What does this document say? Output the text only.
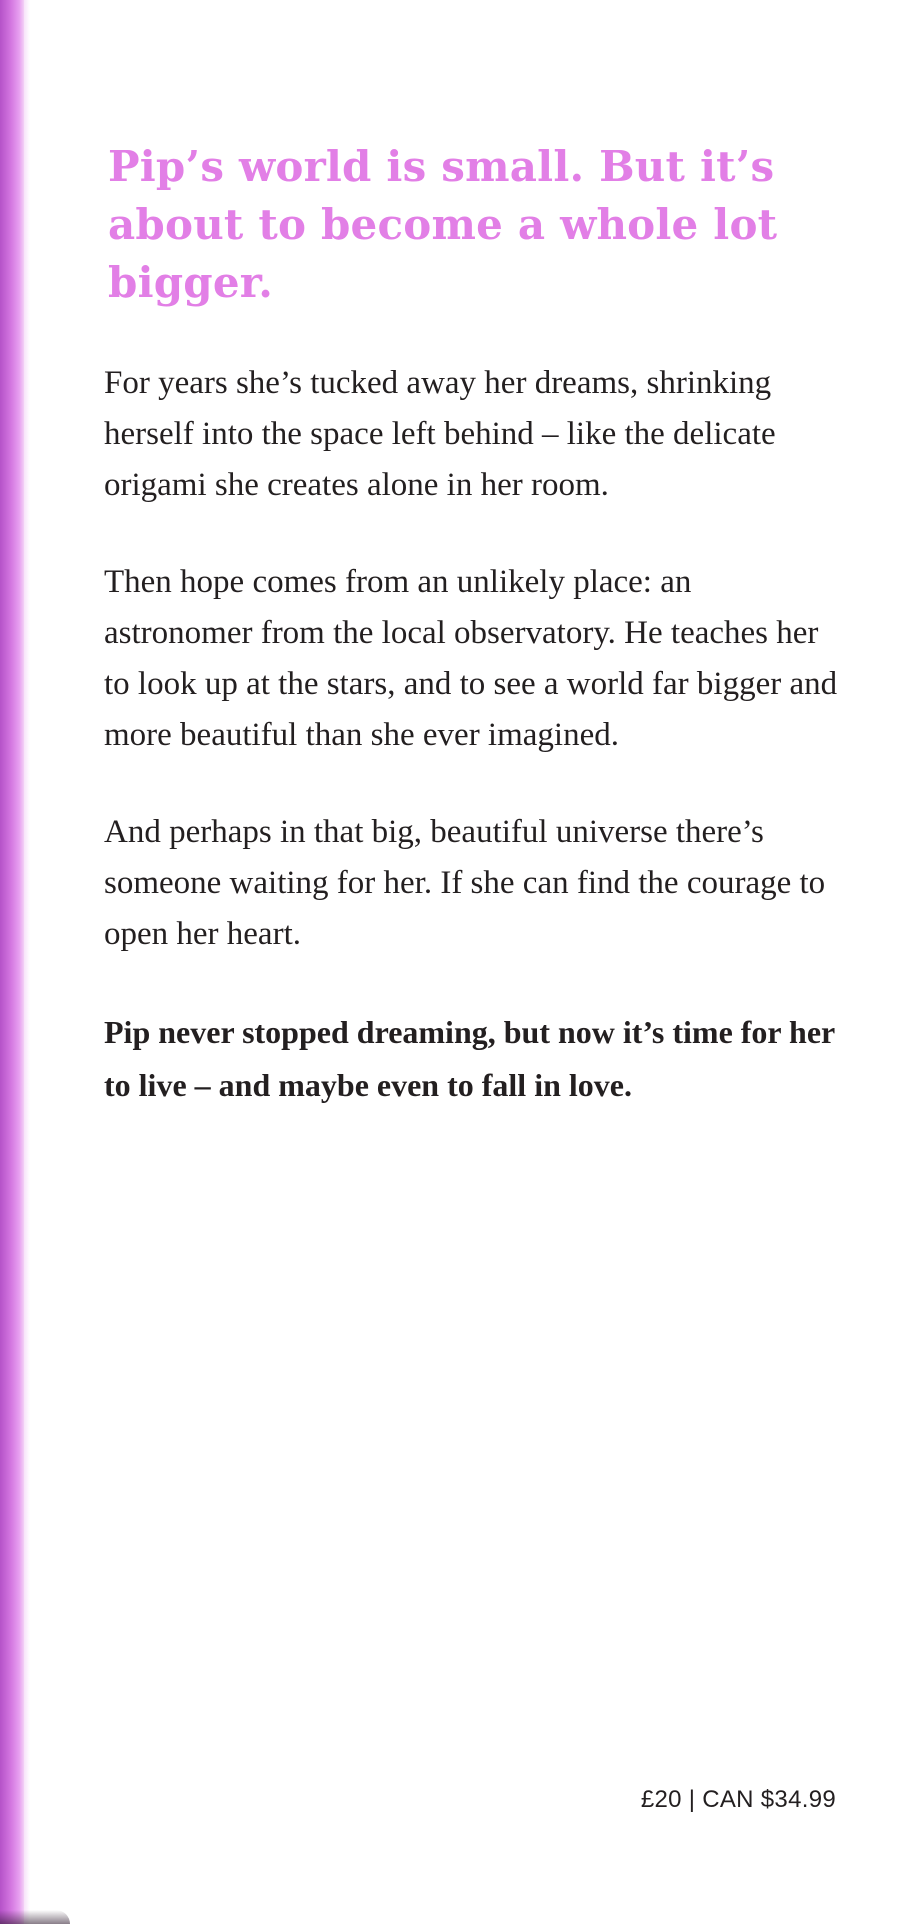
Pip’s world is small. But it’s about to become a whole lot bigger.

For years she’s tucked away her dreams, shrinking herself into the space left behind – like the delicate origami she creates alone in her room.

Then hope comes from an unlikely place: an astronomer from the local observatory. He teaches her to look up at the stars, and to see a world far bigger and more beautiful than she ever imagined.

And perhaps in that big, beautiful universe there’s someone waiting for her. If she can find the courage to open her heart.

Pip never stopped dreaming, but now it’s time for her to live – and maybe even to fall in love.

£20 | CAN $34.99
